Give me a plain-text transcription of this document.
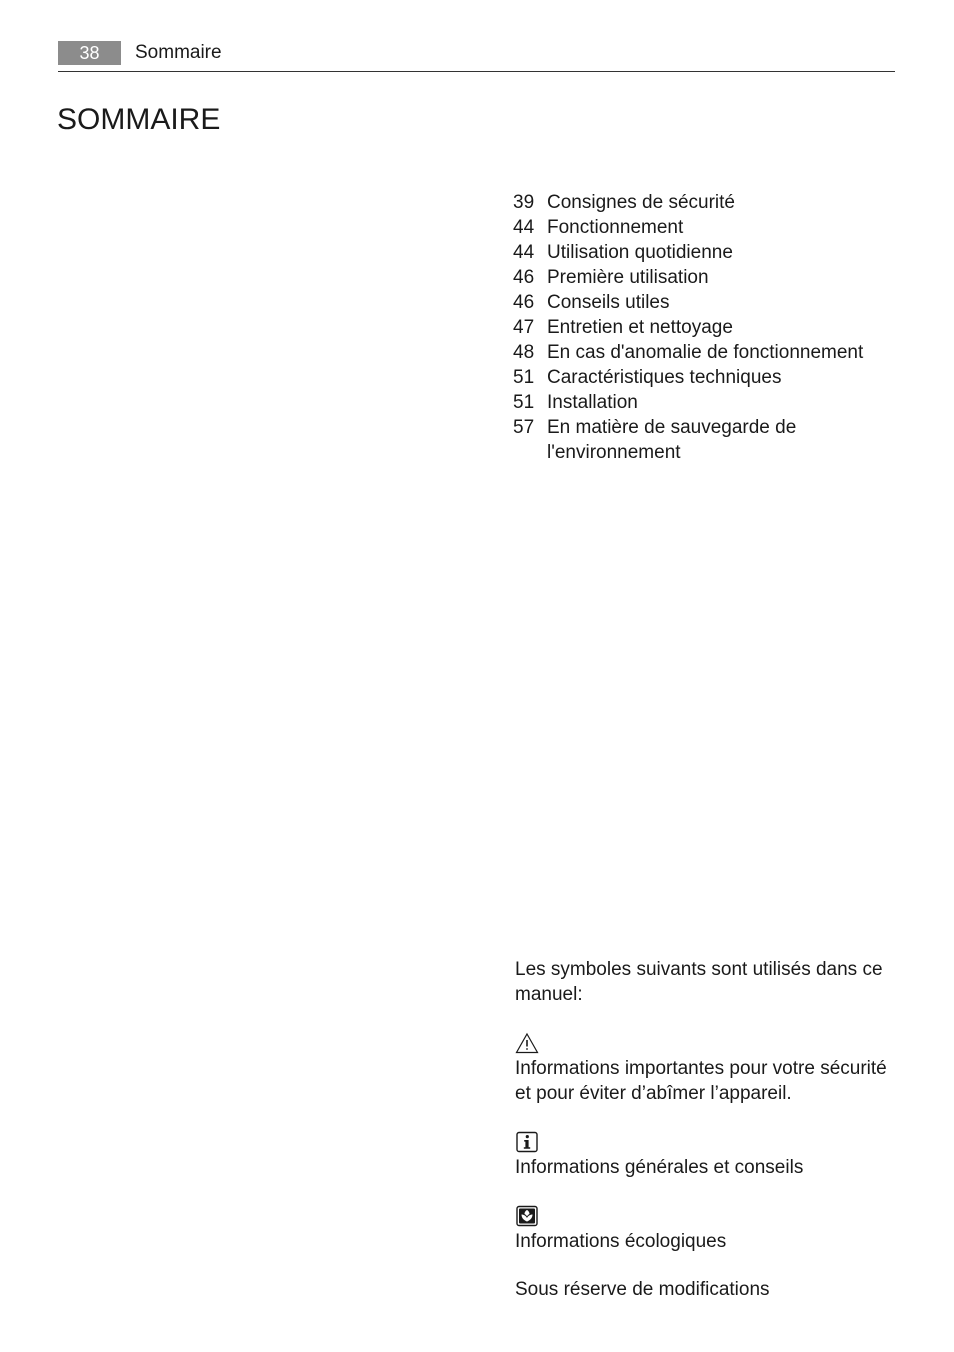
38	Sommaire
SOMMAIRE
39 Consignes de sécurité
44 Fonctionnement
44 Utilisation quotidienne
46 Première utilisation
46 Conseils utiles
47 Entretien et nettoyage
48 En cas d'anomalie de fonctionnement
51 Caractéristiques techniques
51 Installation
57 En matière de sauvegarde de l'environnement

Les symboles suivants sont utilisés dans ce manuel:

Informations importantes pour votre sécurité et pour éviter d’abîmer l’appareil.

Informations générales et conseils

Informations écologiques

Sous réserve de modifications
